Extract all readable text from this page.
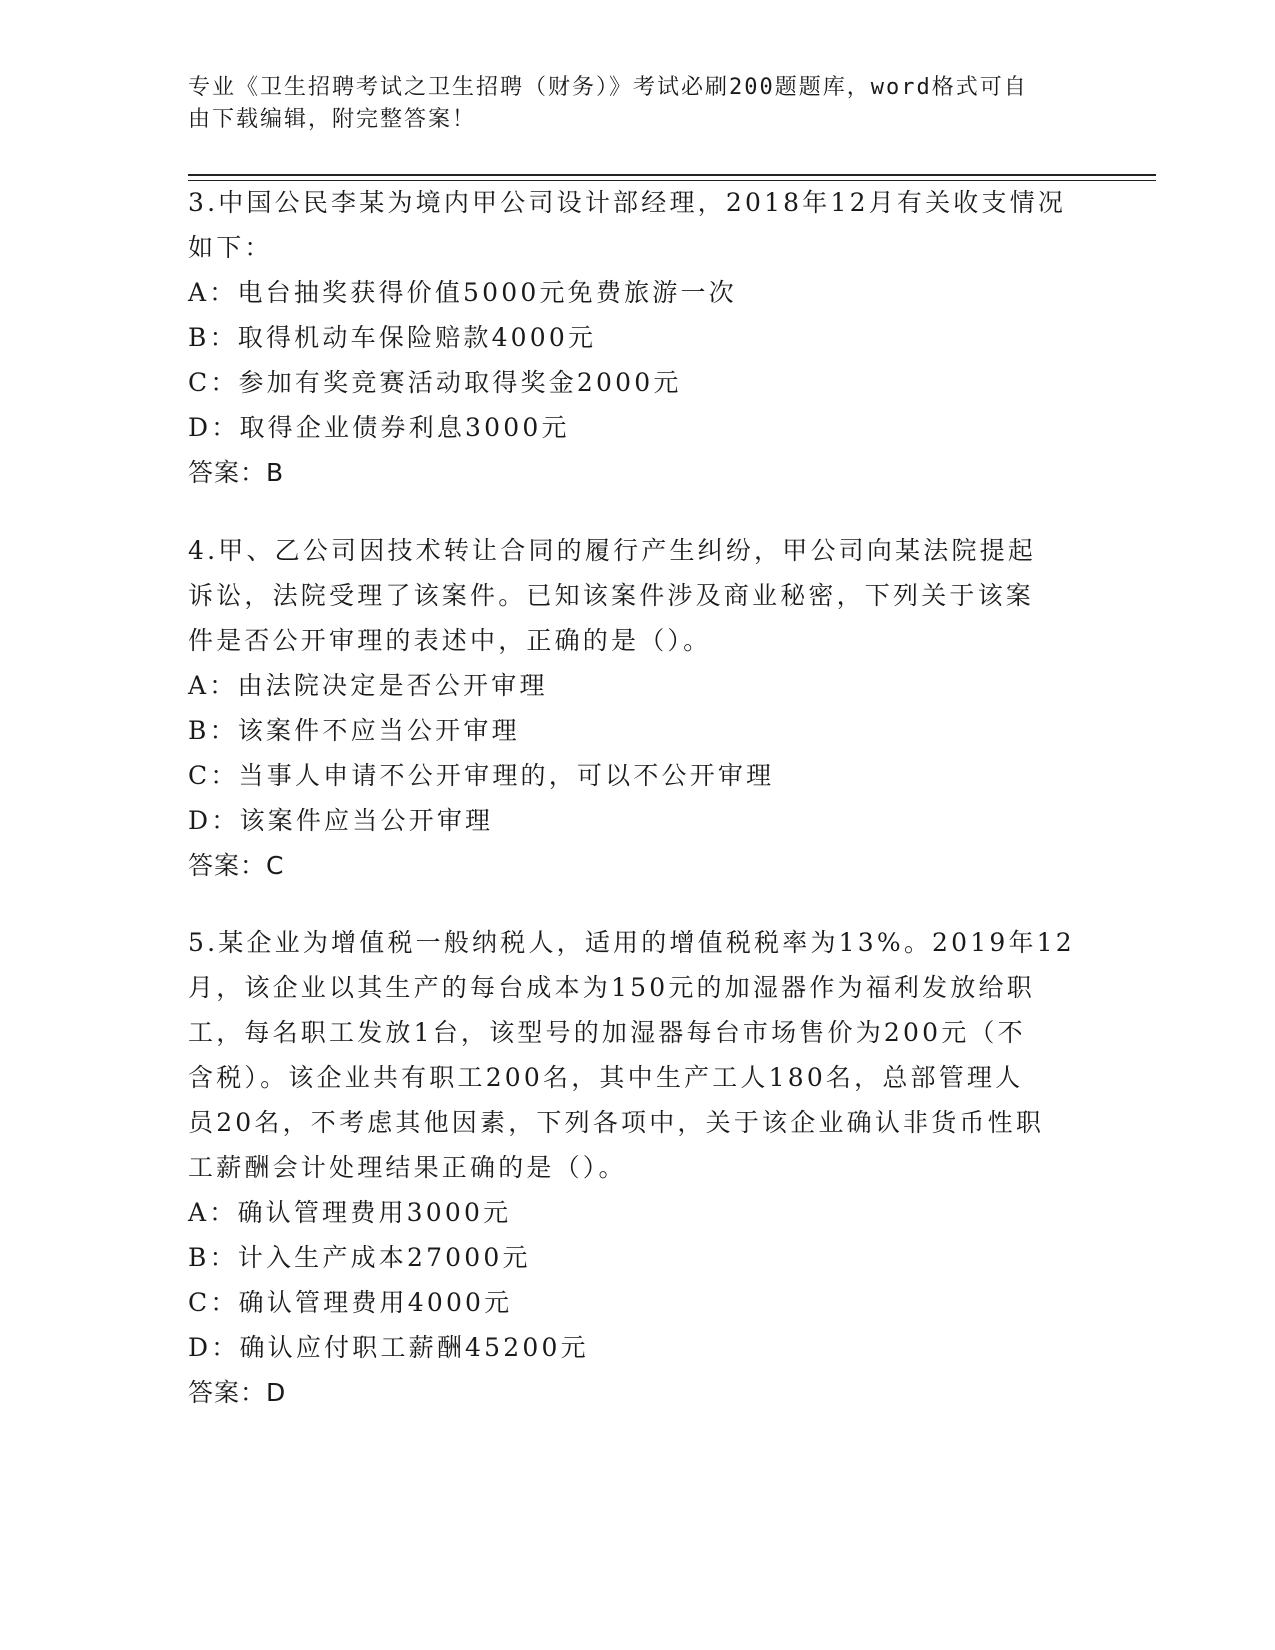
专业《卫生招聘考试之卫生招聘（财务）》考试必刷200题题库，word格式可自
由下载编辑，附完整答案！

3.中国公民李某为境内甲公司设计部经理，2018年12月有关收支情况
如下：

A：电台抽奖获得价值5000元免费旅游一次

B：取得机动车保险赔款4000元

C：参加有奖竞赛活动取得奖金2000元

D：取得企业债券利息3000元

答案：B

4.甲、乙公司因技术转让合同的履行产生纠纷，甲公司向某法院提起
诉讼，法院受理了该案件。已知该案件涉及商业秘密，下列关于该案
件是否公开审理的表述中，正确的是（）。

A：由法院决定是否公开审理

B：该案件不应当公开审理

C：当事人申请不公开审理的，可以不公开审理

D：该案件应当公开审理

答案：C

5.某企业为增值税一般纳税人，适用的增值税税率为13%。2019年12
月，该企业以其生产的每台成本为150元的加湿器作为福利发放给职
工，每名职工发放1台，该型号的加湿器每台市场售价为200元（不
含税）。该企业共有职工200名，其中生产工人180名，总部管理人
员20名，不考虑其他因素，下列各项中，关于该企业确认非货币性职
工薪酬会计处理结果正确的是（）。

A：确认管理费用3000元

B：计入生产成本27000元

C：确认管理费用4000元

D：确认应付职工薪酬45200元

答案：D
